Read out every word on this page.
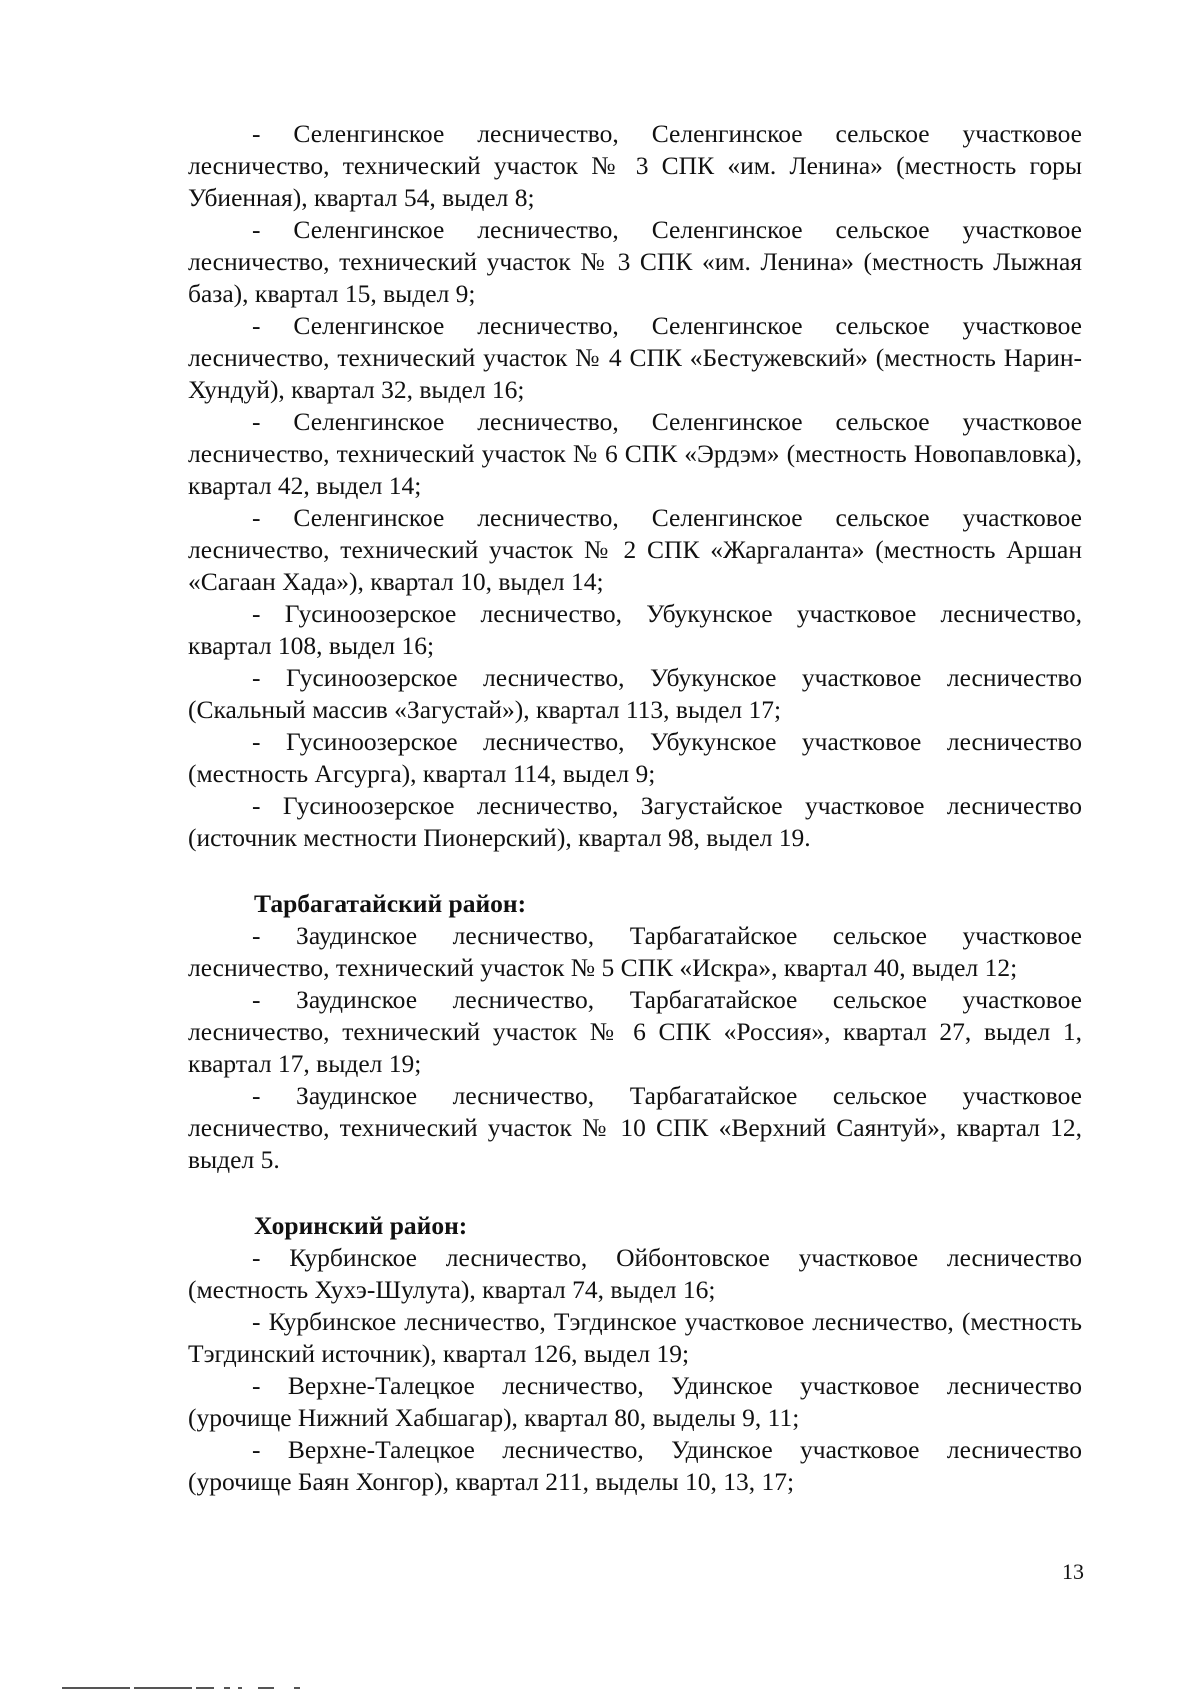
- Селенгинское лесничество, Селенгинское сельское участковое лесничество, технический участок № 3 СПК «им. Ленина» (местность горы Убиенная), квартал 54, выдел 8;

- Селенгинское лесничество, Селенгинское сельское участковое лесничество, технический участок № 3 СПК «им. Ленина» (местность Лыжная база), квартал 15, выдел 9;

- Селенгинское лесничество, Селенгинское сельское участковое лесничество, технический участок № 4 СПК «Бестужевский» (местность Нарин-Хундуй), квартал 32, выдел 16;

- Селенгинское лесничество, Селенгинское сельское участковое лесничество, технический участок № 6 СПК «Эрдэм» (местность Новопавловка), квартал 42, выдел 14;

- Селенгинское лесничество, Селенгинское сельское участковое лесничество, технический участок № 2 СПК «Жаргаланта» (местность Аршан «Сагаан Хада»), квартал 10, выдел 14;

- Гусиноозерское лесничество, Убукунское участковое лесничество, квартал 108, выдел 16;

- Гусиноозерское лесничество, Убукунское участковое лесничество (Скальный массив «Загустай»), квартал 113, выдел 17;

- Гусиноозерское лесничество, Убукунское участковое лесничество (местность Агсурга), квартал 114, выдел 9;

- Гусиноозерское лесничество, Загустайское участковое лесничество (источник местности Пионерский), квартал 98, выдел 19.

Тарбагатайский район:

- Заудинское лесничество, Тарбагатайское сельское участковое лесничество, технический участок № 5 СПК «Искра», квартал 40, выдел 12;

- Заудинское лесничество, Тарбагатайское сельское участковое лесничество, технический участок № 6 СПК «Россия», квартал 27, выдел 1, квартал 17, выдел 19;

- Заудинское лесничество, Тарбагатайское сельское участковое лесничество, технический участок № 10 СПК «Верхний Саянтуй», квартал 12, выдел 5.

Хоринский район:

- Курбинское лесничество, Ойбонтовское участковое лесничество (местность Хухэ-Шулута), квартал 74, выдел 16;

- Курбинское лесничество, Тэгдинское участковое лесничество, (местность Тэгдинский источник), квартал 126, выдел 19;

- Верхне-Талецкое лесничество, Удинское участковое лесничество (урочище Нижний Хабшагар), квартал 80, выделы 9, 11;

- Верхне-Талецкое лесничество, Удинское участковое лесничество (урочище Баян Хонгор), квартал 211, выделы 10, 13, 17;

13
